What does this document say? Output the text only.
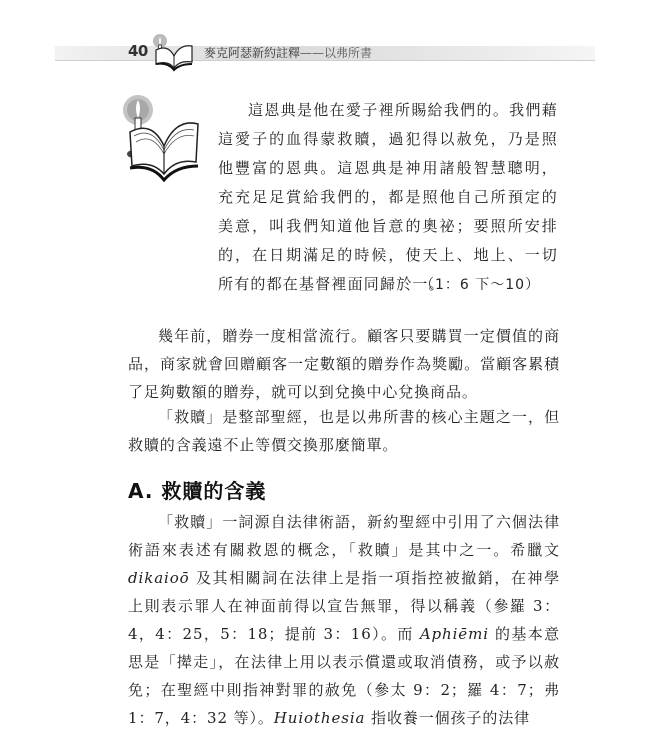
40	麥克阿瑟新約註釋——以弗所書

這恩典是他在愛子裡所賜給我們的。我們藉這愛子的血得蒙救贖，過犯得以赦免，乃是照他豐富的恩典。這恩典是神用諸般智慧聰明，充充足足賞給我們的，都是照他自己所預定的美意，叫我們知道他旨意的奧祕；要照所安排的，在日期滿足的時候，使天上、地上、一切所有的都在基督裡面同歸於一。

（1：6 下～10）

幾年前，贈券一度相當流行。顧客只要購買一定價值的商品，商家就會回贈顧客一定數額的贈券作為獎勵。當顧客累積了足夠數額的贈券，就可以到兌換中心兌換商品。

「救贖」是整部聖經，也是以弗所書的核心主題之一，但救贖的含義遠不止等價交換那麼簡單。

A. 救贖的含義

「救贖」一詞源自法律術語，新約聖經中引用了六個法律術語來表述有關救恩的概念，「救贖」是其中之一。希臘文 dikaioō 及其相關詞在法律上是指一項指控被撤銷，在神學上則表示罪人在神面前得以宣告無罪，得以稱義（參羅 3：4，4：25，5：18；提前 3：16）。而 Aphiēmi 的基本意思是「撵走」，在法律上用以表示償還或取消債務，或予以赦免；在聖經中則指神對罪的赦免（參太 9：2；羅 4：7；弗 1：7，4：32 等）。Huiothesia 指收養一個孩子的法律
